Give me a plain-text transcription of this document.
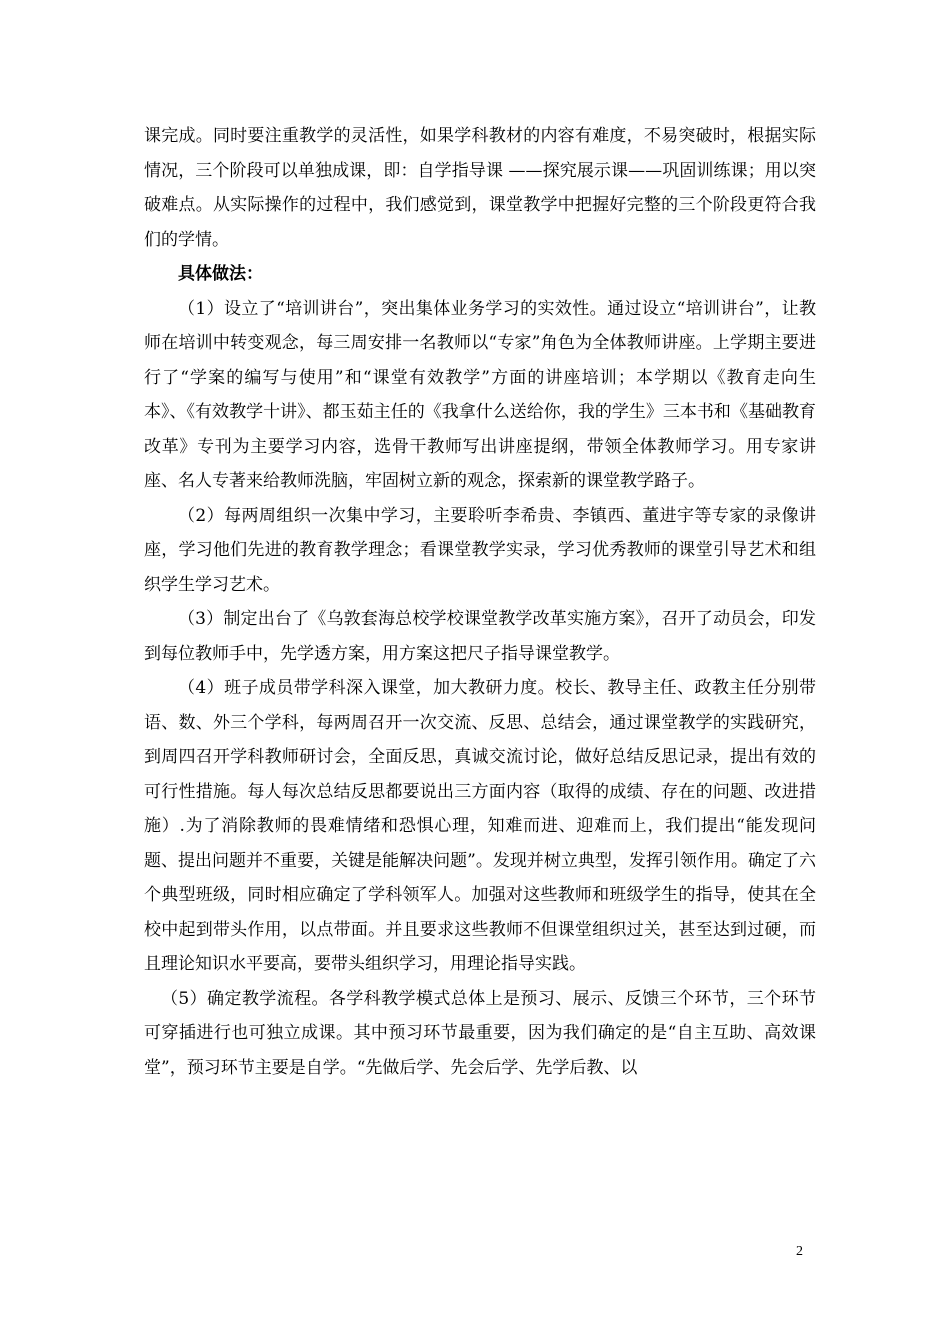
课完成。同时要注重教学的灵活性，如果学科教材的内容有难度，不易突破时，根据实际情况，三个阶段可以单独成课，即：自学指导课 ——探究展示课——巩固训练课；用以突破难点。从实际操作的过程中，我们感觉到，课堂教学中把握好完整的三个阶段更符合我们的学情。

具体做法：

（1）设立了“培训讲台”，突出集体业务学习的实效性。通过设立“培训讲台”，让教师在培训中转变观念，每三周安排一名教师以“专家”角色为全体教师讲座。上学期主要进行了“学案的编写与使用”和“课堂有效教学”方面的讲座培训；本学期以《教育走向生本》、《有效教学十讲》、都玉茹主任的《我拿什么送给你，我的学生》三本书和《基础教育改革》专刊为主要学习内容，选骨干教师写出讲座提纲，带领全体教师学习。用专家讲座、名人专著来给教师洗脑，牢固树立新的观念，探索新的课堂教学路子。

（2）每两周组织一次集中学习，主要聆听李希贵、李镇西、董进宇等专家的录像讲座，学习他们先进的教育教学理念；看课堂教学实录，学习优秀教师的课堂引导艺术和组织学生学习艺术。

（3）制定出台了《乌敦套海总校学校课堂教学改革实施方案》，召开了动员会，印发到每位教师手中，先学透方案，用方案这把尺子指导课堂教学。

（4）班子成员带学科深入课堂，加大教研力度。校长、教导主任、政教主任分别带语、数、外三个学科，每两周召开一次交流、反思、总结会，通过课堂教学的实践研究，到周四召开学科教师研讨会，全面反思，真诚交流讨论，做好总结反思记录，提出有效的可行性措施。每人每次总结反思都要说出三方面内容（取得的成绩、存在的问题、改进措施）.为了消除教师的畏难情绪和恐惧心理，知难而进、迎难而上，我们提出“能发现问题、提出问题并不重要，关键是能解决问题”。发现并树立典型，发挥引领作用。确定了六个典型班级，同时相应确定了学科领军人。加强对这些教师和班级学生的指导，使其在全校中起到带头作用，以点带面。并且要求这些教师不但课堂组织过关，甚至达到过硬，而且理论知识水平要高，要带头组织学习，用理论指导实践。

（5）确定教学流程。各学科教学模式总体上是预习、展示、反馈三个环节，三个环节可穿插进行也可独立成课。其中预习环节最重要，因为我们确定的是“自主互助、高效课堂”，预习环节主要是自学。“先做后学、先会后学、先学后教、以

2
